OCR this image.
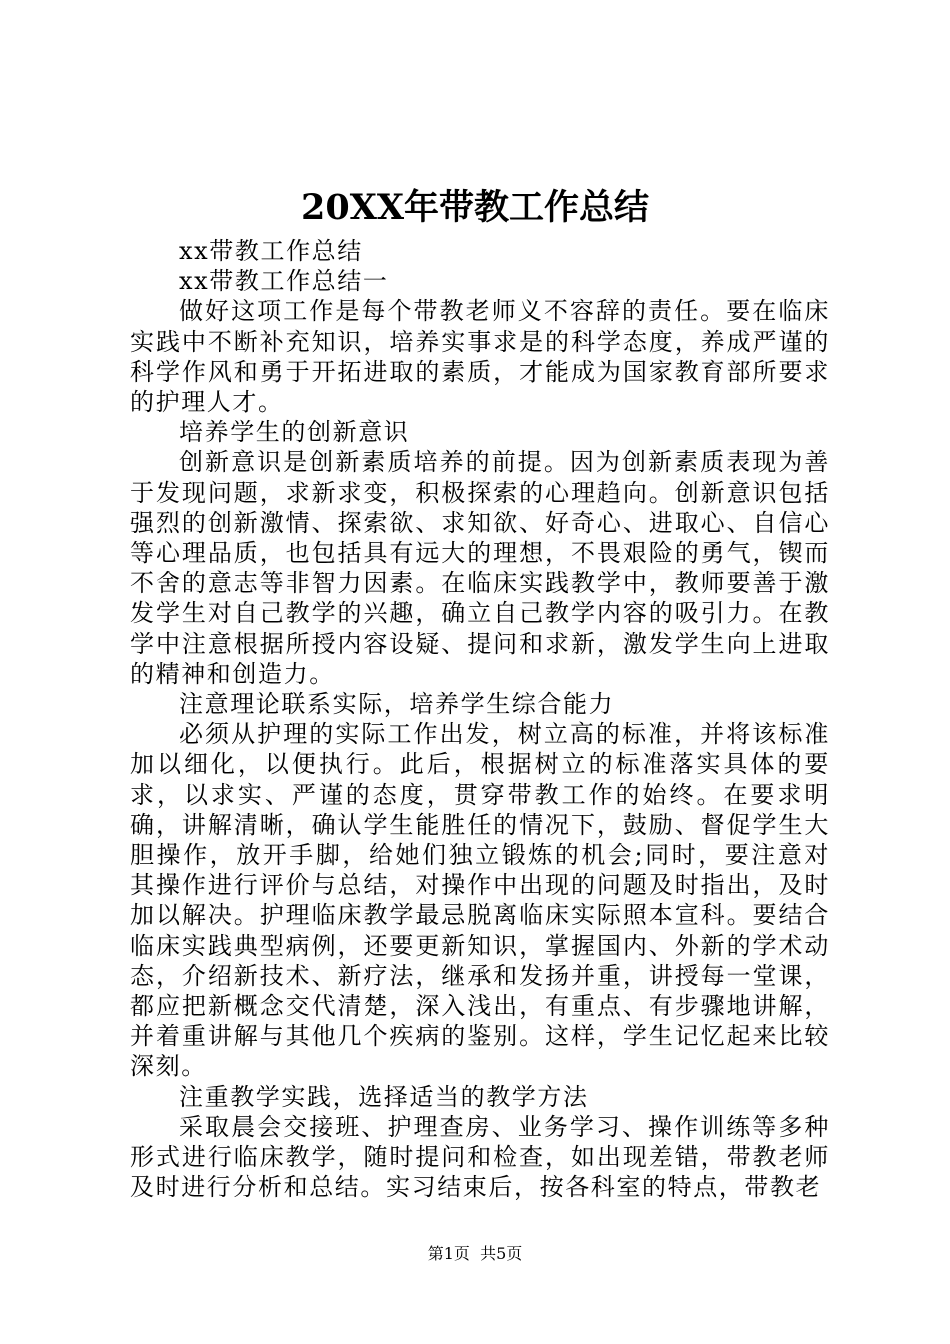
20XX年带教工作总结

xx带教工作总结

xx带教工作总结一

做好这项工作是每个带教老师义不容辞的责任。要在临床实践中不断补充知识，培养实事求是的科学态度，养成严谨的科学作风和勇于开拓进取的素质，才能成为国家教育部所要求的护理人才。

培养学生的创新意识

创新意识是创新素质培养的前提。因为创新素质表现为善于发现问题，求新求变，积极探索的心理趋向。创新意识包括强烈的创新激情、探索欲、求知欲、好奇心、进取心、自信心等心理品质，也包括具有远大的理想，不畏艰险的勇气，锲而不舍的意志等非智力因素。在临床实践教学中，教师要善于激发学生对自己教学的兴趣，确立自己教学内容的吸引力。在教学中注意根据所授内容设疑、提问和求新，激发学生向上进取的精神和创造力。

注意理论联系实际，培养学生综合能力

必须从护理的实际工作出发，树立高的标准，并将该标准加以细化，以便执行。此后，根据树立的标准落实具体的要求，以求实、严谨的态度，贯穿带教工作的始终。在要求明确，讲解清晰，确认学生能胜任的情况下，鼓励、督促学生大胆操作，放开手脚，给她们独立锻炼的机会;同时，要注意对其操作进行评价与总结，对操作中出现的问题及时指出，及时加以解决。护理临床教学最忌脱离临床实际照本宣科。要结合临床实践典型病例，还要更新知识，掌握国内、外新的学术动态，介绍新技术、新疗法，继承和发扬并重，讲授每一堂课，都应把新概念交代清楚，深入浅出，有重点、有步骤地讲解，并着重讲解与其他几个疾病的鉴别。这样，学生记忆起来比较深刻。

注重教学实践，选择适当的教学方法

采取晨会交接班、护理查房、业务学习、操作训练等多种形式进行临床教学，随时提问和检查，如出现差错，带教老师及时进行分析和总结。实习结束后，按各科室的特点，带教老

第1页 共5页
